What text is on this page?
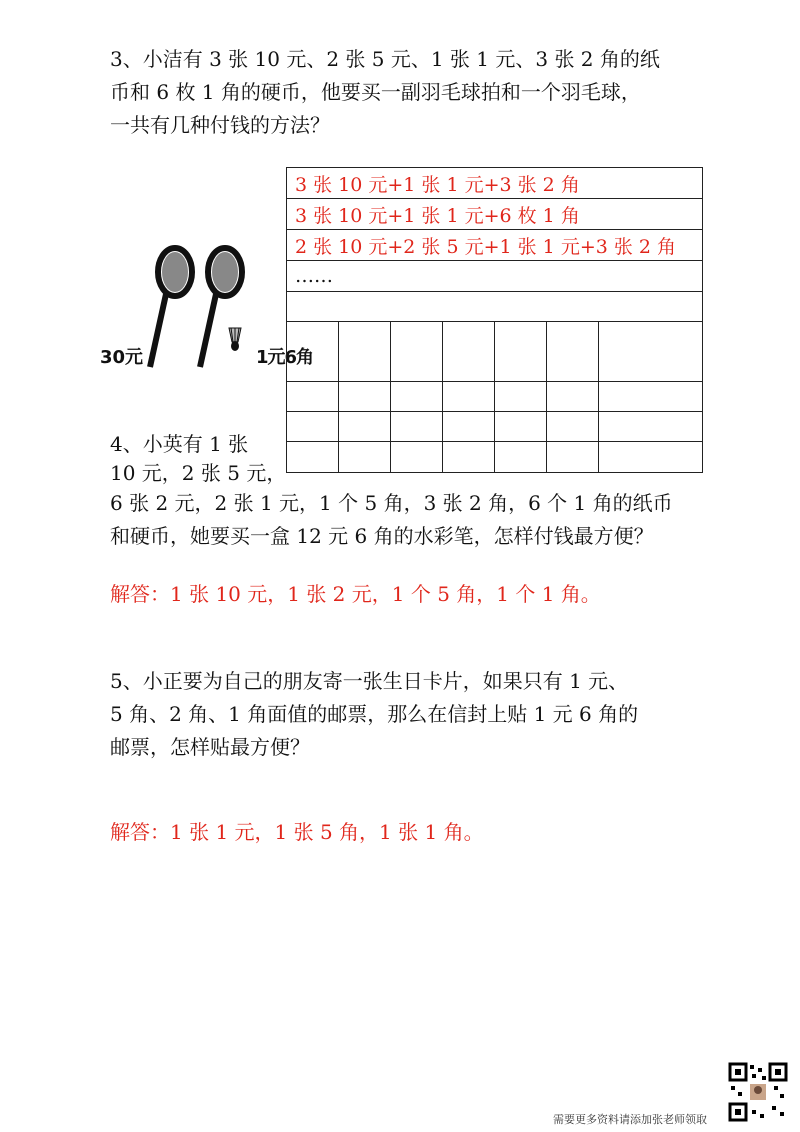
3、小洁有 3 张 10 元、2 张 5 元、1 张 1 元、3 张 2 角的纸
币和 6 枚 1 角的硬币，他要买一副羽毛球拍和一个羽毛球，
一共有几种付钱的方法？
30元	1元6角
3 张 10 元+1 张 1 元+3 张 2 角						
3 张 10 元+1 张 1 元+6 枚 1 角						
2 张 10 元+2 张 5 元+1 张 1 元+3 张 2 角						
……						

4、小英有 1 张
10 元，2 张 5 元，
6 张 2 元，2 张 1 元，1 个 5 角，3 张 2 角，6 个 1 角的纸币
和硬币，她要买一盒 12 元 6 角的水彩笔，怎样付钱最方便？
解答：1 张 10 元，1 张 2 元，1 个 5 角，1 个 1 角。
5、小正要为自己的朋友寄一张生日卡片，如果只有 1 元、
5 角、2 角、1 角面值的邮票，那么在信封上贴 1 元 6 角的
邮票，怎样贴最方便？
解答：1 张 1 元，1 张 5 角，1 张 1 角。
需要更多资料请添加张老师领取
